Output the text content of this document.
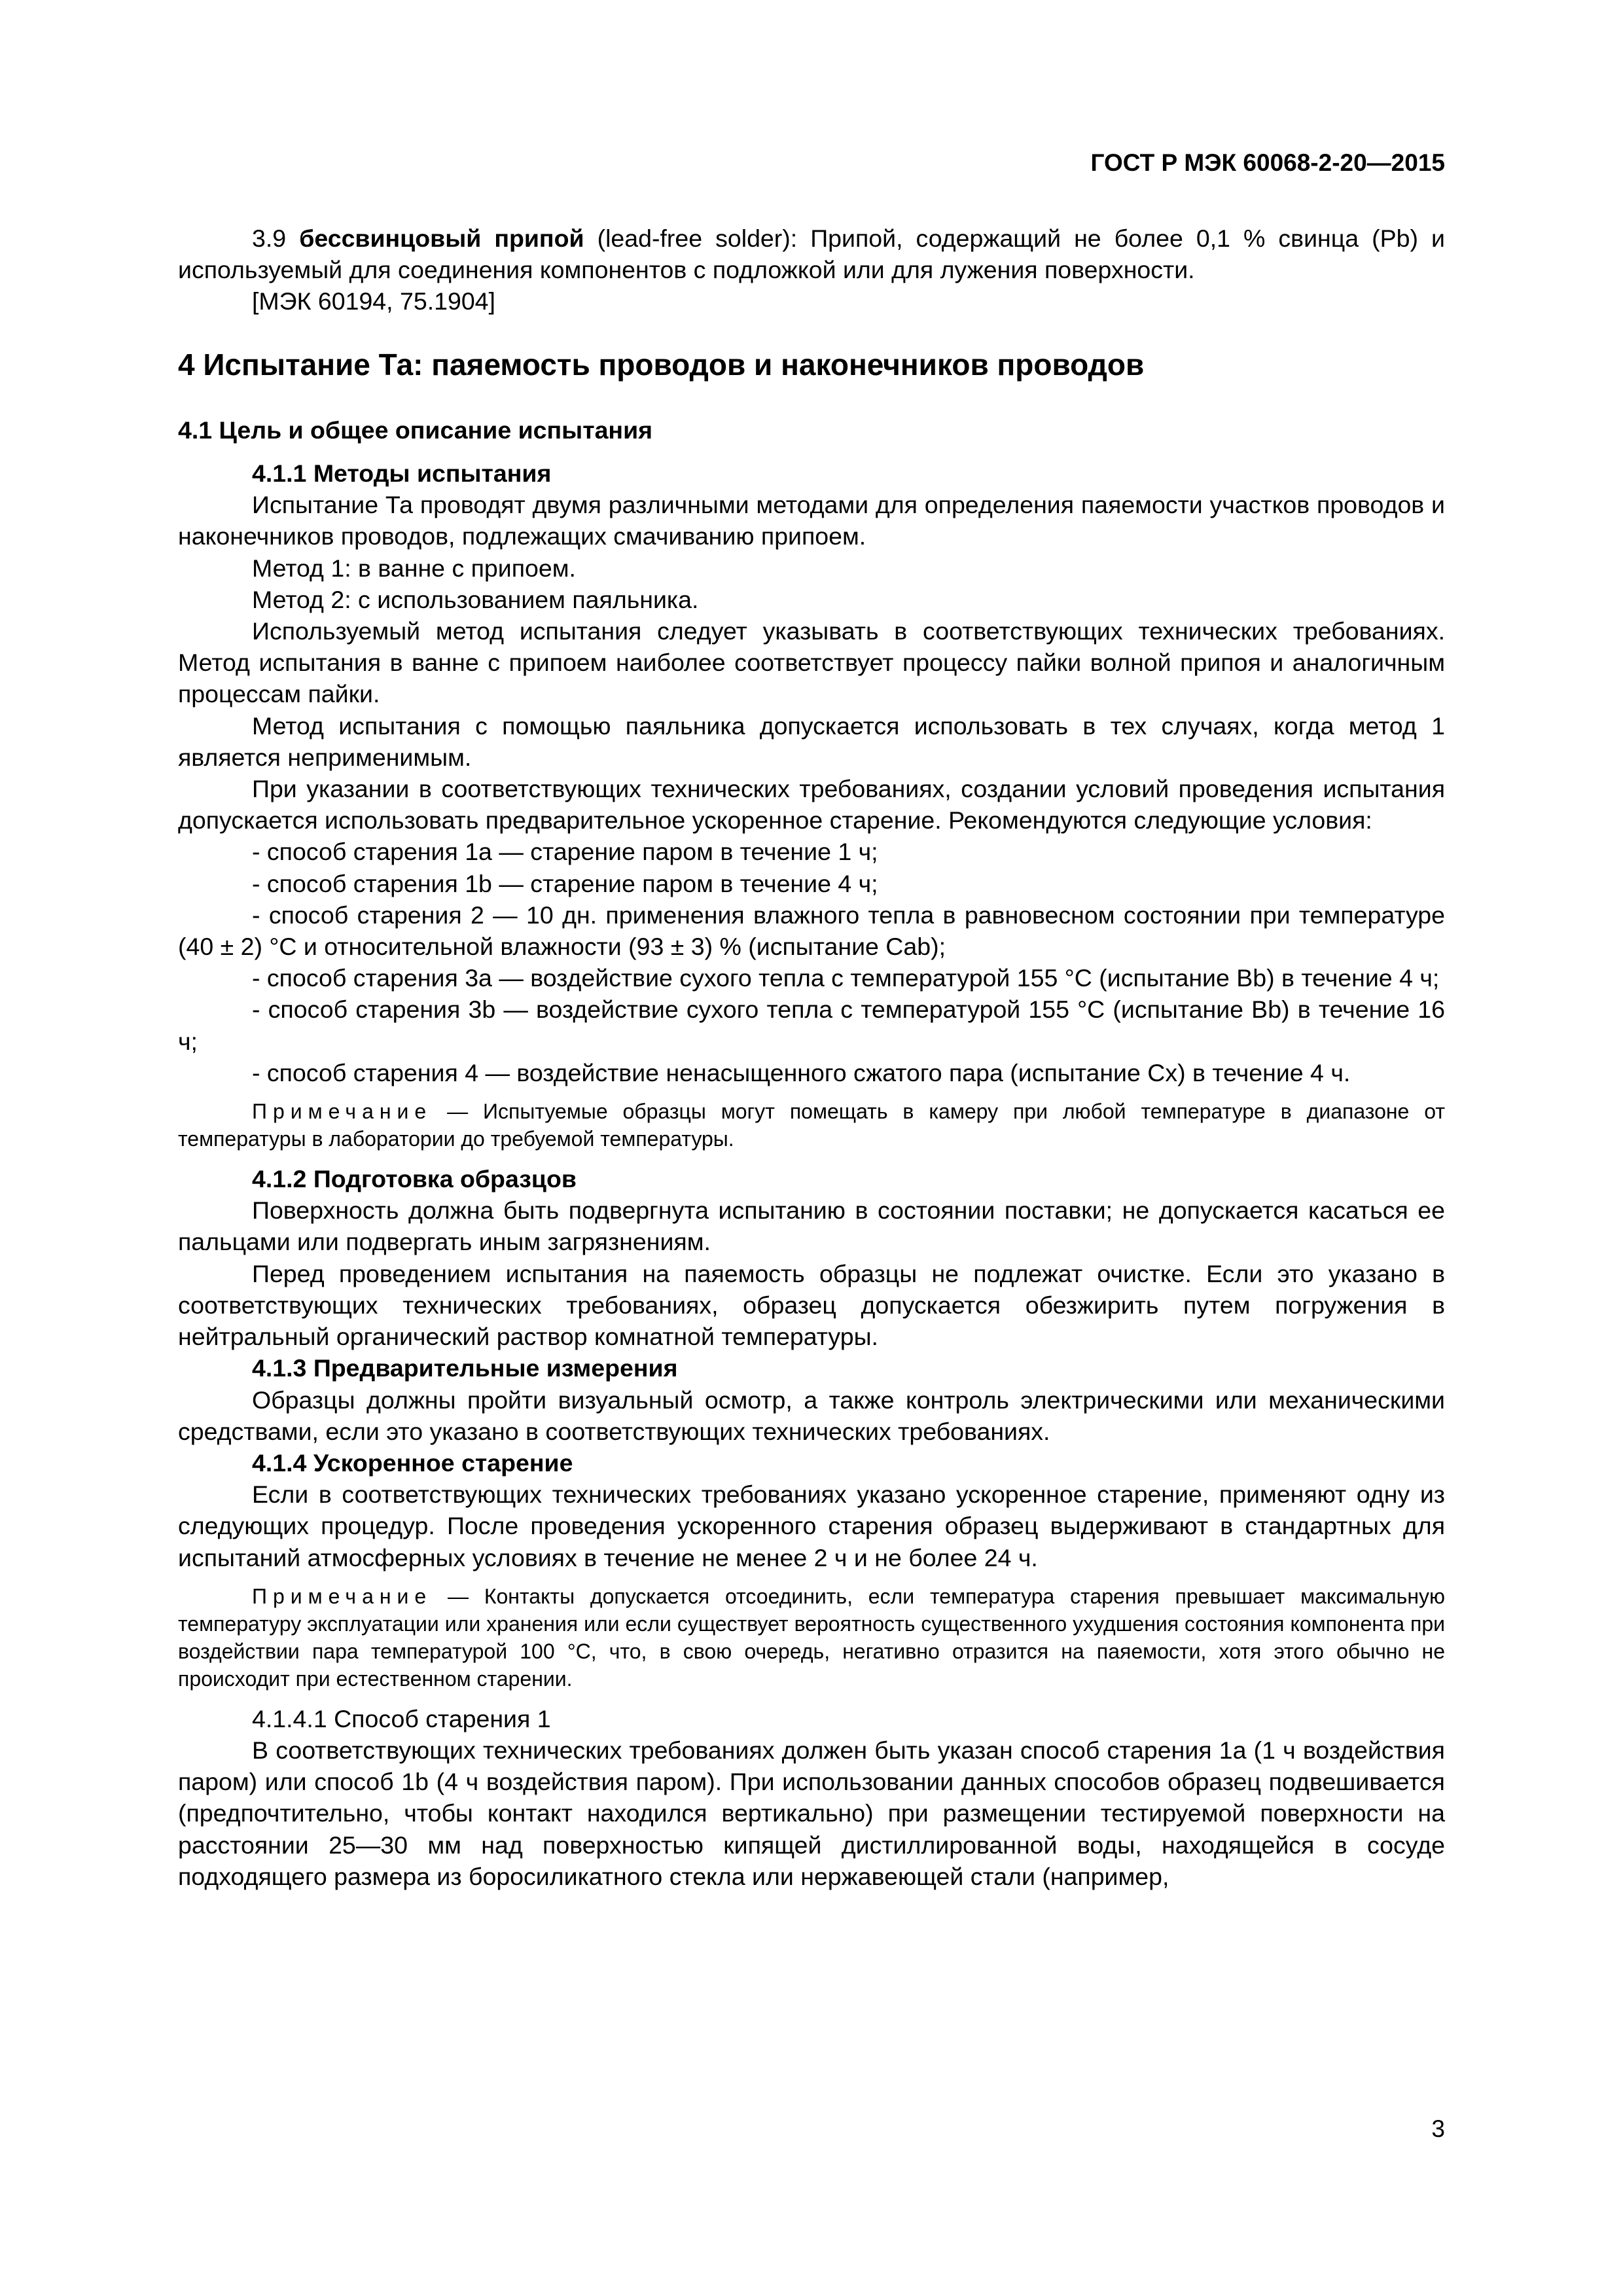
ГОСТ Р МЭК 60068-2-20—2015

3.9 бессвинцовый припой (lead-free solder): Припой, содержащий не более 0,1 % свинца (Pb) и используемый для соединения компонентов с подложкой или для лужения поверхности.

[МЭК 60194, 75.1904]

4 Испытание Та: паяемость проводов и наконечников проводов

4.1 Цель и общее описание испытания

4.1.1 Методы испытания

Испытание Та проводят двумя различными методами для определения паяемости участков проводов и наконечников проводов, подлежащих смачиванию припоем.

Метод 1: в ванне с припоем.

Метод 2: с использованием паяльника.

Используемый метод испытания следует указывать в соответствующих технических требованиях. Метод испытания в ванне с припоем наиболее соответствует процессу пайки волной припоя и аналогичным процессам пайки.

Метод испытания с помощью паяльника допускается использовать в тех случаях, когда метод 1 является неприменимым.

При указании в соответствующих технических требованиях, создании условий проведения испытания допускается использовать предварительное ускоренное старение. Рекомендуются следующие условия:

- способ старения 1a — старение паром в течение 1 ч;

- способ старения 1b — старение паром в течение 4 ч;

- способ старения 2 — 10 дн. применения влажного тепла в равновесном состоянии при температуре (40 ± 2) °С и относительной влажности (93 ± 3) % (испытание Cab);

- способ старения 3a — воздействие сухого тепла с температурой 155 °С (испытание Bb) в течение 4 ч;

- способ старения 3b — воздействие сухого тепла с температурой 155 °С (испытание Bb) в течение 16 ч;

- способ старения 4 — воздействие ненасыщенного сжатого пара (испытание Cx) в течение 4 ч.

Примечание — Испытуемые образцы могут помещать в камеру при любой температуре в диапазоне от температуры в лаборатории до требуемой температуры.

4.1.2 Подготовка образцов

Поверхность должна быть подвергнута испытанию в состоянии поставки; не допускается касаться ее пальцами или подвергать иным загрязнениям.

Перед проведением испытания на паяемость образцы не подлежат очистке. Если это указано в соответствующих технических требованиях, образец допускается обезжирить путем погружения в нейтральный органический раствор комнатной температуры.

4.1.3 Предварительные измерения

Образцы должны пройти визуальный осмотр, а также контроль электрическими или механическими средствами, если это указано в соответствующих технических требованиях.

4.1.4 Ускоренное старение

Если в соответствующих технических требованиях указано ускоренное старение, применяют одну из следующих процедур. После проведения ускоренного старения образец выдерживают в стандартных для испытаний атмосферных условиях в течение не менее 2 ч и не более 24 ч.

Примечание — Контакты допускается отсоединить, если температура старения превышает максимальную температуру эксплуатации или хранения или если существует вероятность существенного ухудшения состояния компонента при воздействии пара температурой 100 °С, что, в свою очередь, негативно отразится на паяемости, хотя этого обычно не происходит при естественном старении.

4.1.4.1 Способ старения 1

В соответствующих технических требованиях должен быть указан способ старения 1a (1 ч воздействия паром) или способ 1b (4 ч воздействия паром). При использовании данных способов образец подвешивается (предпочтительно, чтобы контакт находился вертикально) при размещении тестируемой поверхности на расстоянии 25—30 мм над поверхностью кипящей дистиллированной воды, находящейся в сосуде подходящего размера из боросиликатного стекла или нержавеющей стали (например,

3
